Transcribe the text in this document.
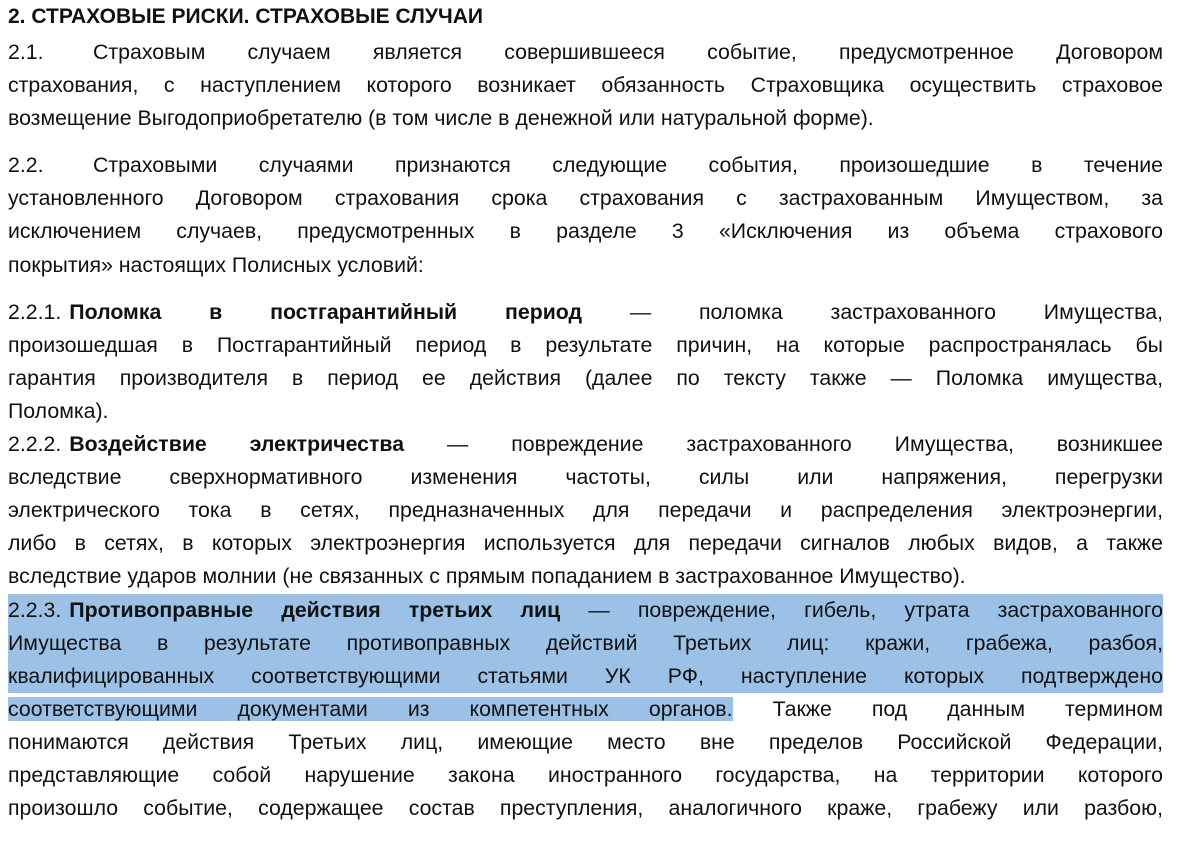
2. СТРАХОВЫЕ РИСКИ. СТРАХОВЫЕ СЛУЧАИ
2.1. Страховым случаем является совершившееся событие, предусмотренное Договором
страхования, с наступлением которого возникает обязанность Страховщика осуществить страховое
возмещение Выгодоприобретателю (в том числе в денежной или натуральной форме).
2.2. Страховыми случаями признаются следующие события, произошедшие в течение
установленного Договором страхования срока страхования с застрахованным Имуществом, за
исключением случаев, предусмотренных в разделе 3 «Исключения из объема страхового
покрытия» настоящих Полисных условий:
2.2.1. Поломка в постгарантийный период — поломка застрахованного Имущества,
произошедшая в Постгарантийный период в результате причин, на которые распространялась бы
гарантия производителя в период ее действия (далее по тексту также — Поломка имущества,
Поломка).
2.2.2. Воздействие электричества — повреждение застрахованного Имущества, возникшее
вследствие сверхнормативного изменения частоты, силы или напряжения, перегрузки
электрического тока в сетях, предназначенных для передачи и распределения электроэнергии,
либо в сетях, в которых электроэнергия используется для передачи сигналов любых видов, а также
вследствие ударов молнии (не связанных с прямым попаданием в застрахованное Имущество).
2.2.3. Противоправные действия третьих лиц — повреждение, гибель, утрата застрахованного
Имущества в результате противоправных действий Третьих лиц: кражи, грабежа, разбоя,
квалифицированных соответствующими статьями УК РФ, наступление которых подтверждено
соответствующими документами из компетентных органов. Также под данным термином
понимаются действия Третьих лиц, имеющие место вне пределов Российской Федерации,
представляющие собой нарушение закона иностранного государства, на территории которого
произошло событие, содержащее состав преступления, аналогичного краже, грабежу или разбою,
